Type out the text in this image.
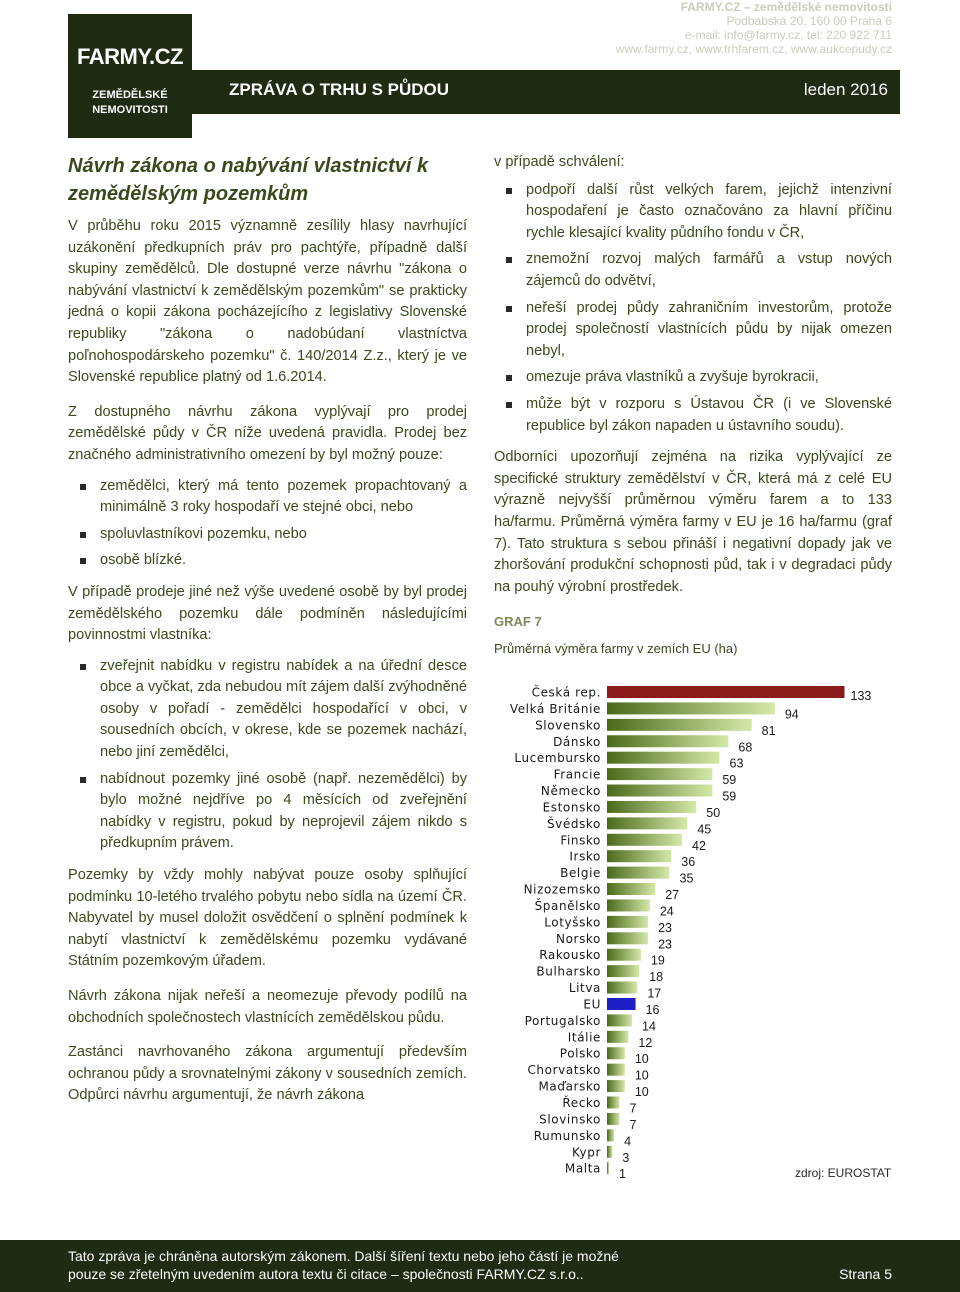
FARMY.CZ
ZEMĚDĚLSKÉ
NEMOVITOSTI
ZPRÁVA O TRHU S PŮDOU	leden 2016
FARMY.CZ – zemědělské nemovitosti
Podbabská 20, 160 00 Praha 6
e-mail: info@farmy.cz, tel: 220 922 711
www.farmy.cz, www.trhfarem.cz, www.aukcepudy.cz
Návrh zákona o nabývání vlastnictví k zemědělským pozemkům
V průběhu roku 2015 významně zesílily hlasy navrhující uzákonění předkupních práv pro pachtýře, případně další skupiny zemědělců. Dle dostupné verze návrhu "zákona o nabývání vlastnictví k zemědělským pozemkům" se prakticky jedná o kopii zákona pocházejícího z legislativy Slovenské republiky "zákona o nadobúdaní vlastníctva poľnohospodárskeho pozemku" č. 140/2014 Z.z., který je ve Slovenské republice platný od 1.6.2014.
Z dostupného návrhu zákona vyplývají pro prodej zemědělské půdy v ČR níže uvedená pravidla. Prodej bez značného administrativního omezení by byl možný pouze:
zemědělci, který má tento pozemek propachtovaný a minimálně 3 roky hospodaří ve stejné obci, nebo
spoluvlastníkovi pozemku, nebo
osobě blízké.
V případě prodeje jiné než výše uvedené osobě by byl prodej zemědělského pozemku dále podmíněn následujícími povinnostmi vlastníka:
zveřejnit nabídku v registru nabídek a na úřední desce obce a vyčkat, zda nebudou mít zájem další zvýhodněné osoby v pořadí - zemědělci hospodařící v obci, v sousedních obcích, v okrese, kde se pozemek nachází, nebo jiní zemědělci,
nabídnout pozemky jiné osobě (např. nezemědělci) by bylo možné nejdříve po 4 měsících od zveřejnění nabídky v registru, pokud by neprojevil zájem nikdo s předkupním právem.
Pozemky by vždy mohly nabývat pouze osoby splňující podmínku 10-letého trvalého pobytu nebo sídla na území ČR. Nabyvatel by musel doložit osvědčení o splnění podmínek k nabytí vlastnictví k zemědělskému pozemku vydávané Státním pozemkovým úřadem.
Návrh zákona nijak neřeší a neomezuje převody podílů na obchodních společnostech vlastnících zemědělskou půdu.
Zastánci navrhovaného zákona argumentují především ochranou půdy a srovnatelnými zákony v sousedních zemích. Odpůrci návrhu argumentují, že návrh zákona
v případě schválení:
podpoří další růst velkých farem, jejichž intenzivní hospodaření je často označováno za hlavní příčinu rychle klesající kvality půdního fondu v ČR,
znemožní rozvoj malých farmářů a vstup nových zájemců do odvětví,
neřeší prodej půdy zahraničním investorům, protože prodej společností vlastnících půdu by nijak omezen nebyl,
omezuje práva vlastníků a zvyšuje byrokracii,
může být v rozporu s Ústavou ČR (i ve Slovenské republice byl zákon napaden u ústavního soudu).
Odborníci upozorňují zejména na rizika vyplývající ze specifické struktury zemědělství v ČR, která má z celé EU výrazně nejvyšší průměrnou výměru farem a to 133 ha/farmu. Průměrná výměra farmy v EU je 16 ha/farmu (graf 7). Tato struktura s sebou přináší i negativní dopady jak ve zhoršování produkční schopnosti půd, tak i v degradaci půdy na pouhý výrobní prostředek.
GRAF 7
Průměrná výměra farmy v zemích EU (ha)
Česká rep.	133
Velká Británie	94
Slovensko	81
Dánsko	68
Lucembursko	63
Francie	59
Německo	59
Estonsko	50
Švédsko	45
Finsko	42
Irsko	36
Belgie	35
Nizozemsko	27
Španělsko	24
Lotyšsko	23
Norsko	23
Rakousko	19
Bulharsko	18
Litva	17
EU	16
Portugalsko	14
Itálie	12
Polsko	10
Chorvatsko	10
Maďarsko	10
Řecko 7
Slovinsko 7
Rumunsko 4
Kypr 3
Malta 1	zdroj: EUROSTAT
Tato zpráva je chráněna autorským zákonem. Další šíření textu nebo jeho částí je možné
pouze se zřetelným uvedením autora textu či citace – společnosti FARMY.CZ s.r.o..	Strana 5
